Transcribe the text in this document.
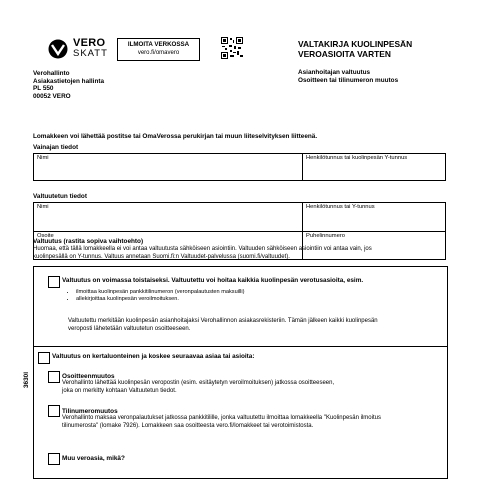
VERO
SKATT
ILMOITA VERKOSSA
vero.fi/omavero
VALTAKIRJA KUOLINPESÄN
VEROASIOITA VARTEN
Verohallinto
Asiakastietojen hallinta
PL 550
00052 VERO
Asianhoitajan valtuutus
Osoitteen tai tilinumeron muutos
Lomakkeen voi lähettää postitse tai OmaVerossa perukirjan tai muun liiteselvityksen liitteenä.
Vainajan tiedot
Nimi	Henkilötunnus tai kuolinpesän Y-tunnus
Valtuutetun tiedot
Nimi	Henkilötunnus tai Y-tunnus

Osoite	Puhelinnumero
Valtuutus (rastita sopiva vaihtoehto)
Huomaa, että tällä lomakkeella ei voi antaa valtuutusta sähköiseen asiointiin. Valtuuden sähköiseen asiointiin voi antaa vain, jos
kuolinpesällä on Y-tunnus. Valtuus annetaan Suomi.fi:n Valtuudet-palvelussa (suomi.fi/valtuudet).
Valtuutus on voimassa toistaiseksi. Valtuutettu voi hoitaa kaikkia kuolinpesän verotusasioita, esim.
• ilmoittaa kuolinpesän pankkitilinumeron (veronpalautusten maksuilli)
• allekirjoittaa kuolinpesän veroilmoituksen.
Valtuutettu merkitään kuolinpesän asianhoitajaksi Verohallinnon asiakasrekisteriin. Tämän jälkeen kaikki kuolinpesän
veroposti lähetetään valtuutetun osoitteeseen.
Valtuutus on kertaluonteinen ja koskee seuraavaa asiaa tai asioita:
3630l	Osoitteenmuutos
Verohallinto lähettää kuolinpesän veropostin (esim. esitäytetyn veroilmoituksen) jatkossa osoitteeseen,
joka on merkitty kohtaan Valtuutetun tiedot.
Tilinumeromuutos
Verohallinto maksaa veronpalautukset jatkossa pankkitilille, jonka valtuutettu ilmoittaa lomakkeella "Kuolinpesän ilmoitus
tilinumerosta" (lomake 7926). Lomakkeen saa osoitteesta vero.fi/lomakkeet tai verotoimistosta.
Muu veroasia, mikä?
